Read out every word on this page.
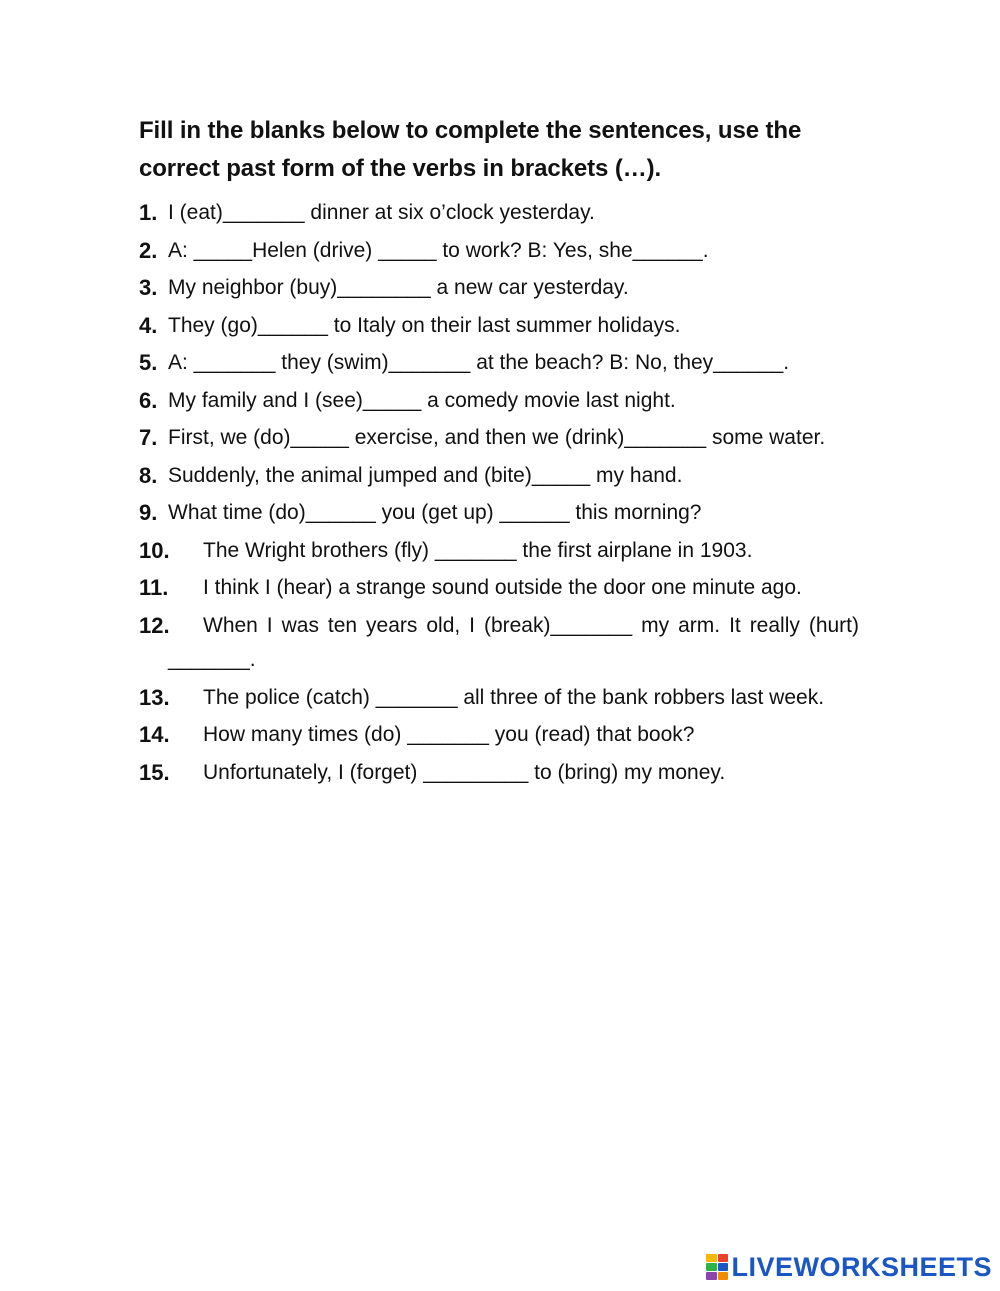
Fill in the blanks below to complete the sentences, use the correct past form of the verbs in brackets (…).

1. I (eat)_______ dinner at six o’clock yesterday.
2. A: _____Helen (drive) _____ to work? B: Yes, she______.
3. My neighbor (buy)________ a new car yesterday.
4. They (go)______ to Italy on their last summer holidays.
5. A: _______ they (swim)_______ at the beach? B: No, they______.
6. My family and I (see)_____ a comedy movie last night.
7. First, we (do)_____ exercise, and then we (drink)_______ some water.
8. Suddenly, the animal jumped and (bite)_____ my hand.
9. What time (do)______ you (get up) ______ this morning?
10. The Wright brothers (fly) _______ the first airplane in 1903.
11.	I think I (hear) a strange sound outside the door one minute ago.
12.	When I was ten years old, I (break)_______ my arm. It really (hurt) _______.
13.	The police (catch) _______ all three of the bank robbers last week.
14. How many times (do) _______ you (read) that book?
15. Unfortunately, I (forget) _________ to (bring) my money.
LIVEWORKSHEETS
